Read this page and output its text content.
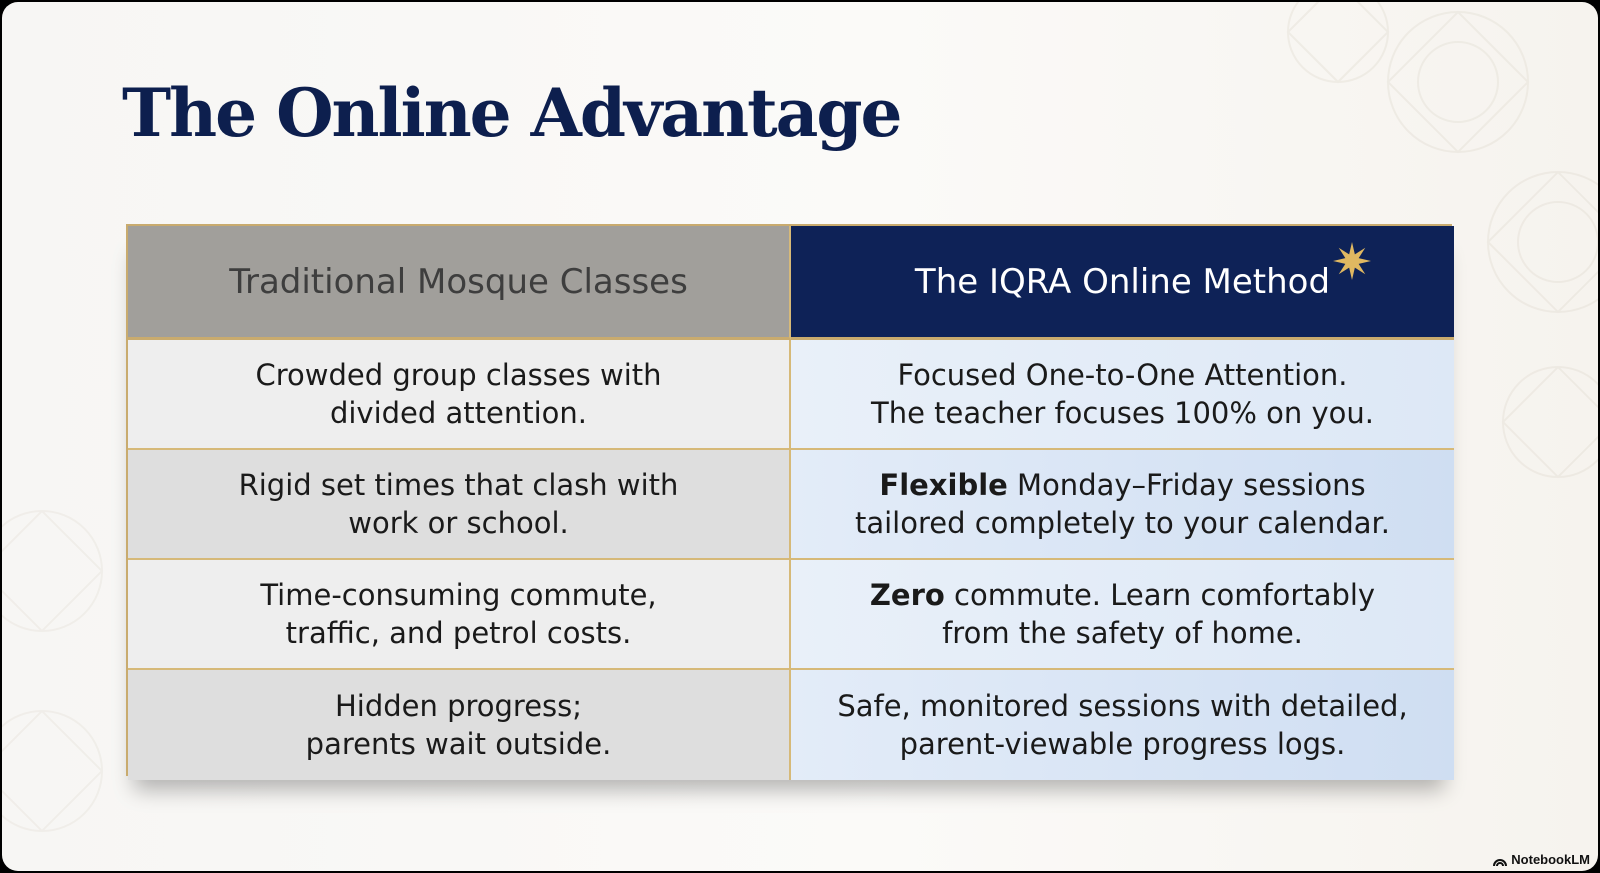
The Online Advantage
Traditional Mosque Classes	The IQRA Online Method
Crowded group classes with
divided attention.
Focused One-to-One Attention.
The teacher focuses 100% on you.
Rigid set times that clash with
work or school.
Flexible Monday–Friday sessions
tailored completely to your calendar.
Time-consuming commute,
traffic, and petrol costs.
Zero commute. Learn comfortably
from the safety of home.
Hidden progress;
parents wait outside.
Safe, monitored sessions with detailed,
parent-viewable progress logs.
NotebookLM
